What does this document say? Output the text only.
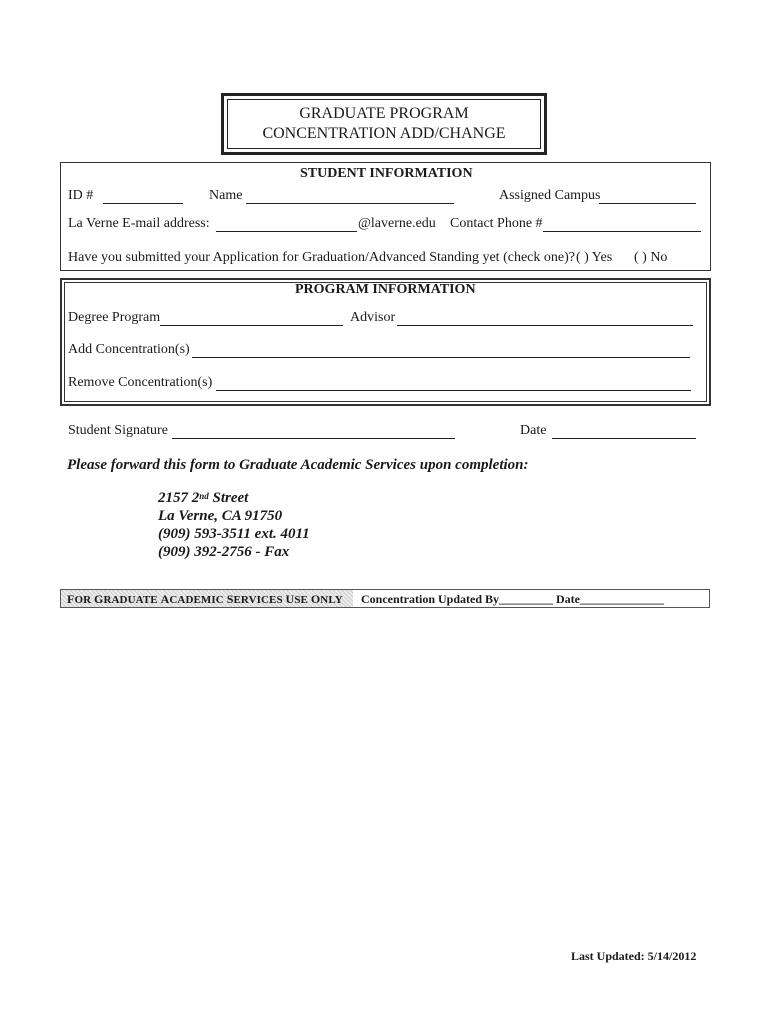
GRADUATE PROGRAM
CONCENTRATION ADD/CHANGE
STUDENT INFORMATION
ID #	Name	Assigned Campus
La Verne E-mail address:	@laverne.edu Contact Phone #
Have you submitted your Application for Graduation/Advanced Standing yet (check one)? ( ) Yes ( ) No
PROGRAM INFORMATION
Degree Program	Advisor
Add Concentration(s)
Remove Concentration(s)
Student Signature	Date
Please forward this form to Graduate Academic Services upon completion:
2157 2nd Street
La Verne, CA 91750
(909) 593-3511 ext. 4011
(909) 392-2756 - Fax
FOR GRADUATE ACADEMIC SERVICES USE ONLY Concentration Updated By_________ Date______________
Last Updated: 5/14/2012
